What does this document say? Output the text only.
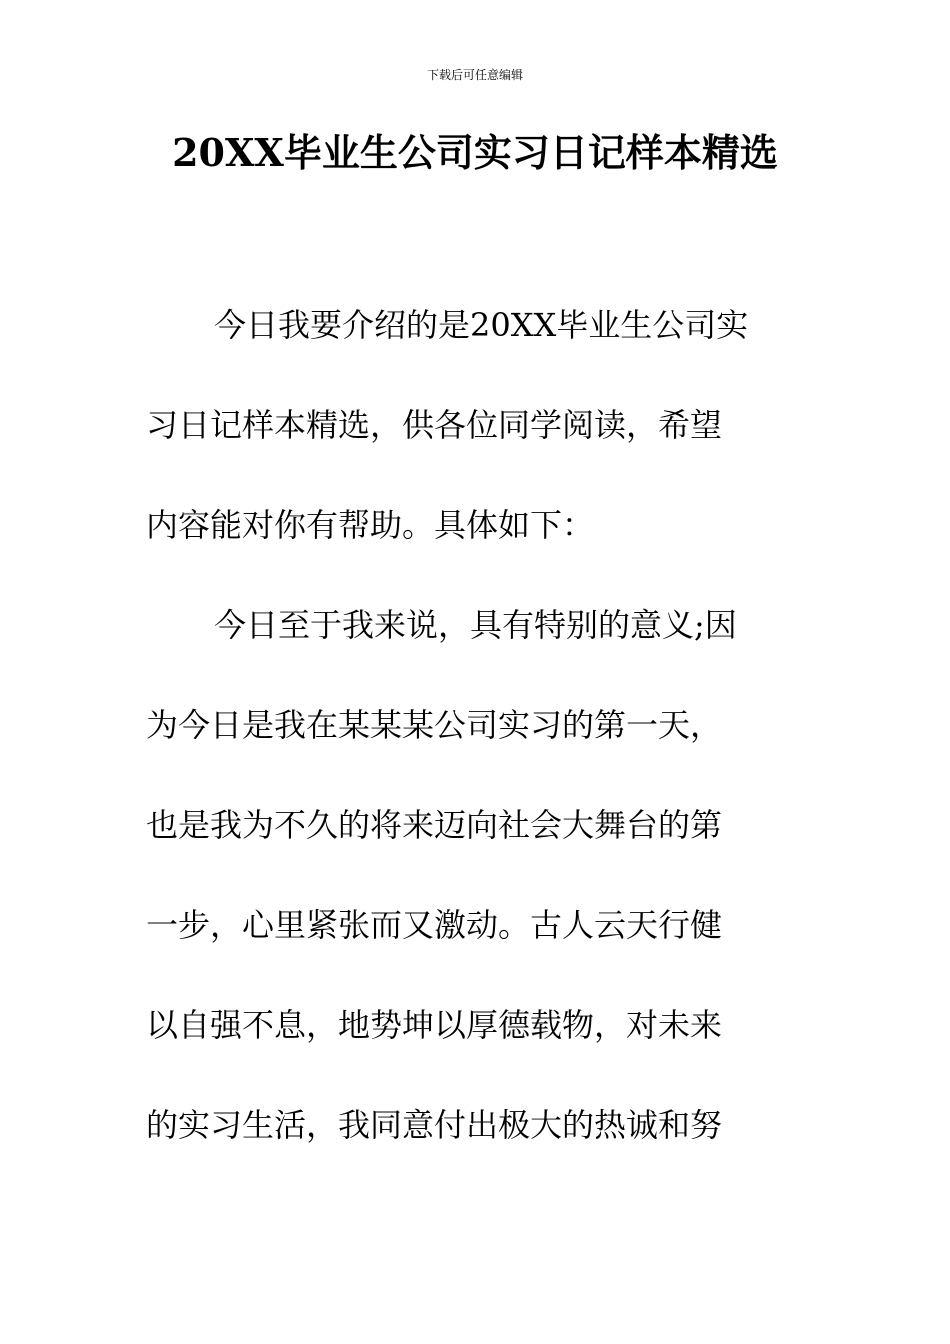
下载后可任意编辑
20XX毕业生公司实习日记样本精选
今日我要介绍的是20XX毕业生公司实
习日记样本精选，供各位同学阅读，希望
内容能对你有帮助。具体如下：
今日至于我来说，具有特别的意义;因
为今日是我在某某某公司实习的第一天，
也是我为不久的将来迈向社会大舞台的第
一步，心里紧张而又激动。古人云天行健
以自强不息，地势坤以厚德载物，对未来
的实习生活，我同意付出极大的热诚和努
